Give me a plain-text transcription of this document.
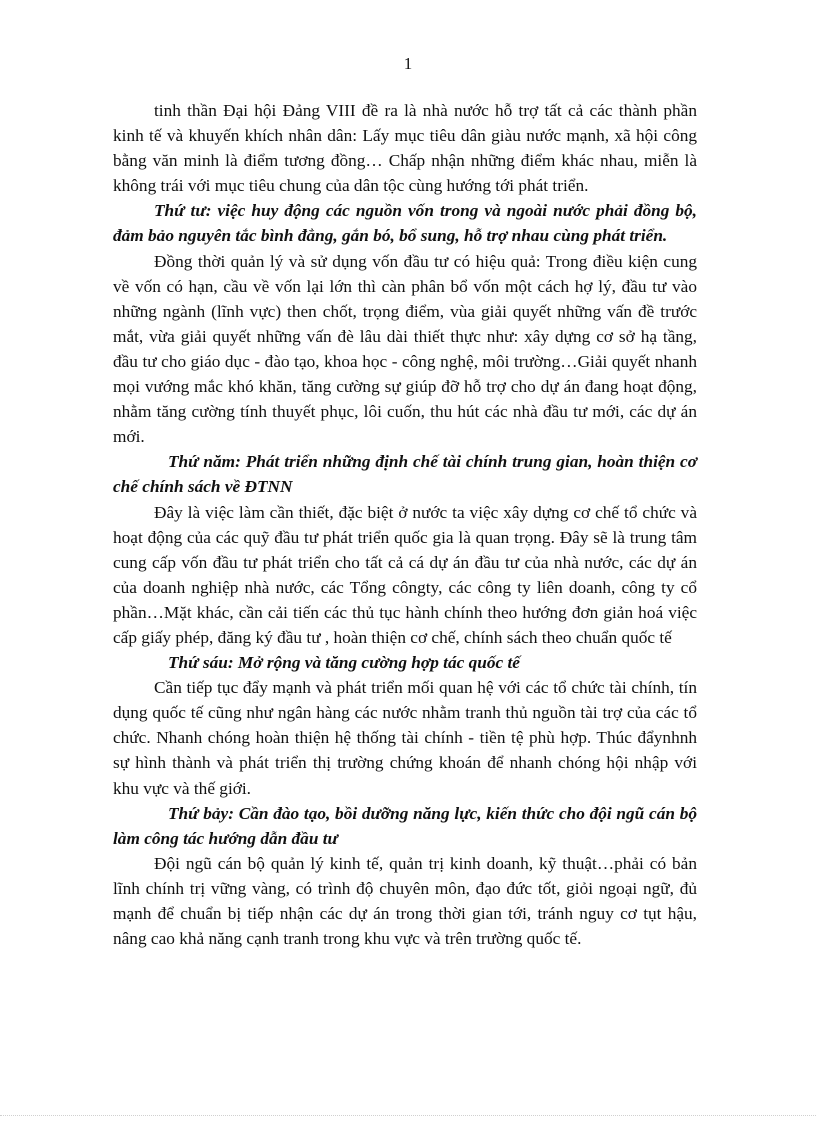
1

tinh thần Đại hội Đảng VIII đề ra là nhà nước hỗ trợ tất cả các thành phần kinh tế và khuyến khích nhân dân: Lấy mục tiêu dân giàu nước mạnh, xã hội công bằng văn minh là điểm tương đồng… Chấp nhận những điểm khác nhau, miễn là không trái với mục tiêu chung của dân tộc cùng hướng tới phát triển.

Thứ tư: việc huy động các nguồn vốn trong và ngoài nước phải đồng bộ, đảm bảo nguyên tắc bình đẳng, gắn bó, bổ sung, hỗ trợ nhau cùng phát triển.

Đồng thời quản lý và sử dụng vốn đầu tư có hiệu quả: Trong điều kiện cung về vốn có hạn, cầu về vốn lại lớn thì càn phân bổ vốn một cách hợ lý, đầu tư vào những ngành (lĩnh vực) then chốt, trọng điểm, vùa giải quyết những vấn đề trước mắt, vừa giải quyết những vấn đè lâu dài thiết thực như: xây dựng cơ sở hạ tầng, đầu tư cho giáo dục - đào tạo, khoa học - công nghệ, môi trường…Giải quyết nhanh mọi vướng mắc khó khăn, tăng cường sự giúp đỡ hỗ trợ cho dự án đang hoạt động, nhằm tăng cường tính thuyết phục, lôi cuốn, thu hút các nhà đầu tư mới, các dự án mới.

Thứ năm: Phát triển những định chế tài chính trung gian, hoàn thiện cơ chế chính sách về ĐTNN

Đây là việc làm cần thiết, đặc biệt ở nước ta việc xây dựng cơ chế tổ chức và hoạt động của các quỹ đầu tư phát triển quốc gia là quan trọng. Đây sẽ là trung tâm cung cấp vốn đầu tư phát triển cho tất cả cá dự án đầu tư của nhà nước, các dự án của doanh nghiệp nhà nước, các Tổng côngty, các công ty liên doanh, công ty cổ phần…Mặt khác, cần cải tiến các thủ tục hành chính theo hướng đơn giản hoá việc cấp giấy phép, đăng ký đầu tư , hoàn thiện cơ chế, chính sách theo chuẩn quốc tế

Thứ sáu: Mở rộng và tăng cường hợp tác quốc tế

Cần tiếp tục đẩy mạnh và phát triển mối quan hệ với các tổ chức tài chính, tín dụng quốc tế cũng như ngân hàng các nước nhằm tranh thủ nguồn tài trợ của các tổ chức. Nhanh chóng hoàn thiện hệ thống tài chính - tiền tệ phù hợp. Thúc đẩynhnh sự hình thành và phát triển thị trường chứng khoán để nhanh chóng hội nhập với khu vực và thế giới.

Thứ bảy: Cần đào tạo, bồi dưỡng năng lực, kiến thức cho đội ngũ cán bộ làm công tác hướng dẫn đầu tư

Đội ngũ cán bộ quản lý kinh tế, quản trị kinh doanh, kỹ thuật…phải có bản lĩnh chính trị vững vàng, có trình độ chuyên môn, đạo đức tốt, giỏi ngoại ngữ, đủ mạnh để chuẩn bị tiếp nhận các dự án trong thời gian tới, tránh nguy cơ tụt hậu, nâng cao khả năng cạnh tranh trong khu vực và trên trường quốc tế.
